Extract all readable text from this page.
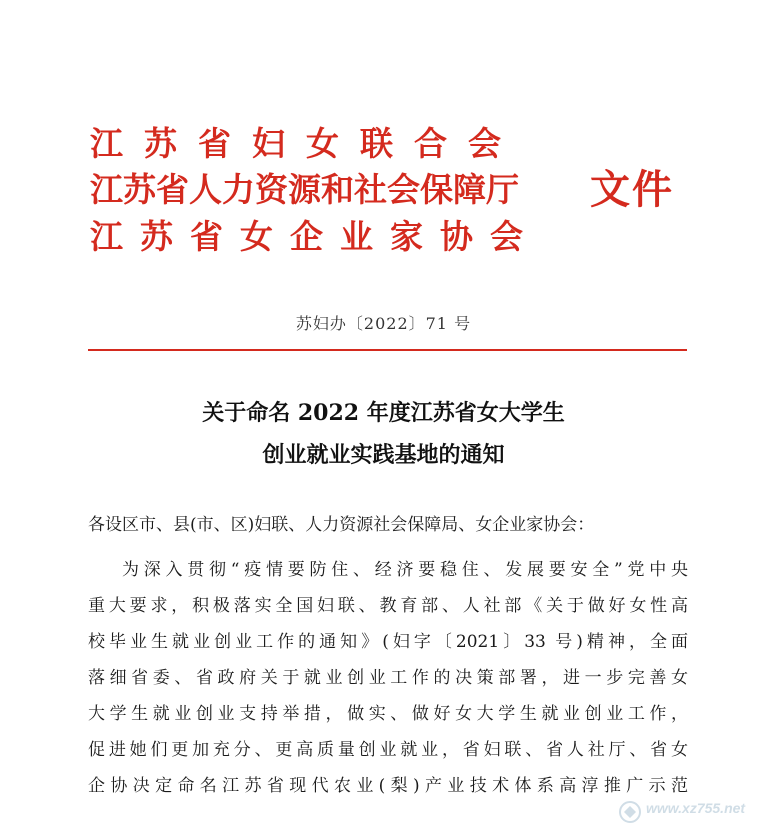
江苏省妇女联合会
江苏省人力资源和社会保障厅
江苏省女企业家协会
文件
苏妇办〔2022〕71 号
关于命名 2022 年度江苏省女大学生
创业就业实践基地的通知
各设区市、县(市、区)妇联、人力资源社会保障局、女企业家协会：
为深入贯彻“疫情要防住、经济要稳住、发展要安全”党中央
重大要求，积极落实全国妇联、教育部、人社部《关于做好女性高
校毕业生就业创业工作的通知》(妇字〔2021〕33 号)精神，全面
落细省委、省政府关于就业创业工作的决策部署，进一步完善女
大学生就业创业支持举措，做实、做好女大学生就业创业工作，
促进她们更加充分、更高质量创业就业，省妇联、省人社厅、省女
企协决定命名江苏省现代农业(梨)产业技术体系高淳推广示范
www.xz755.net
